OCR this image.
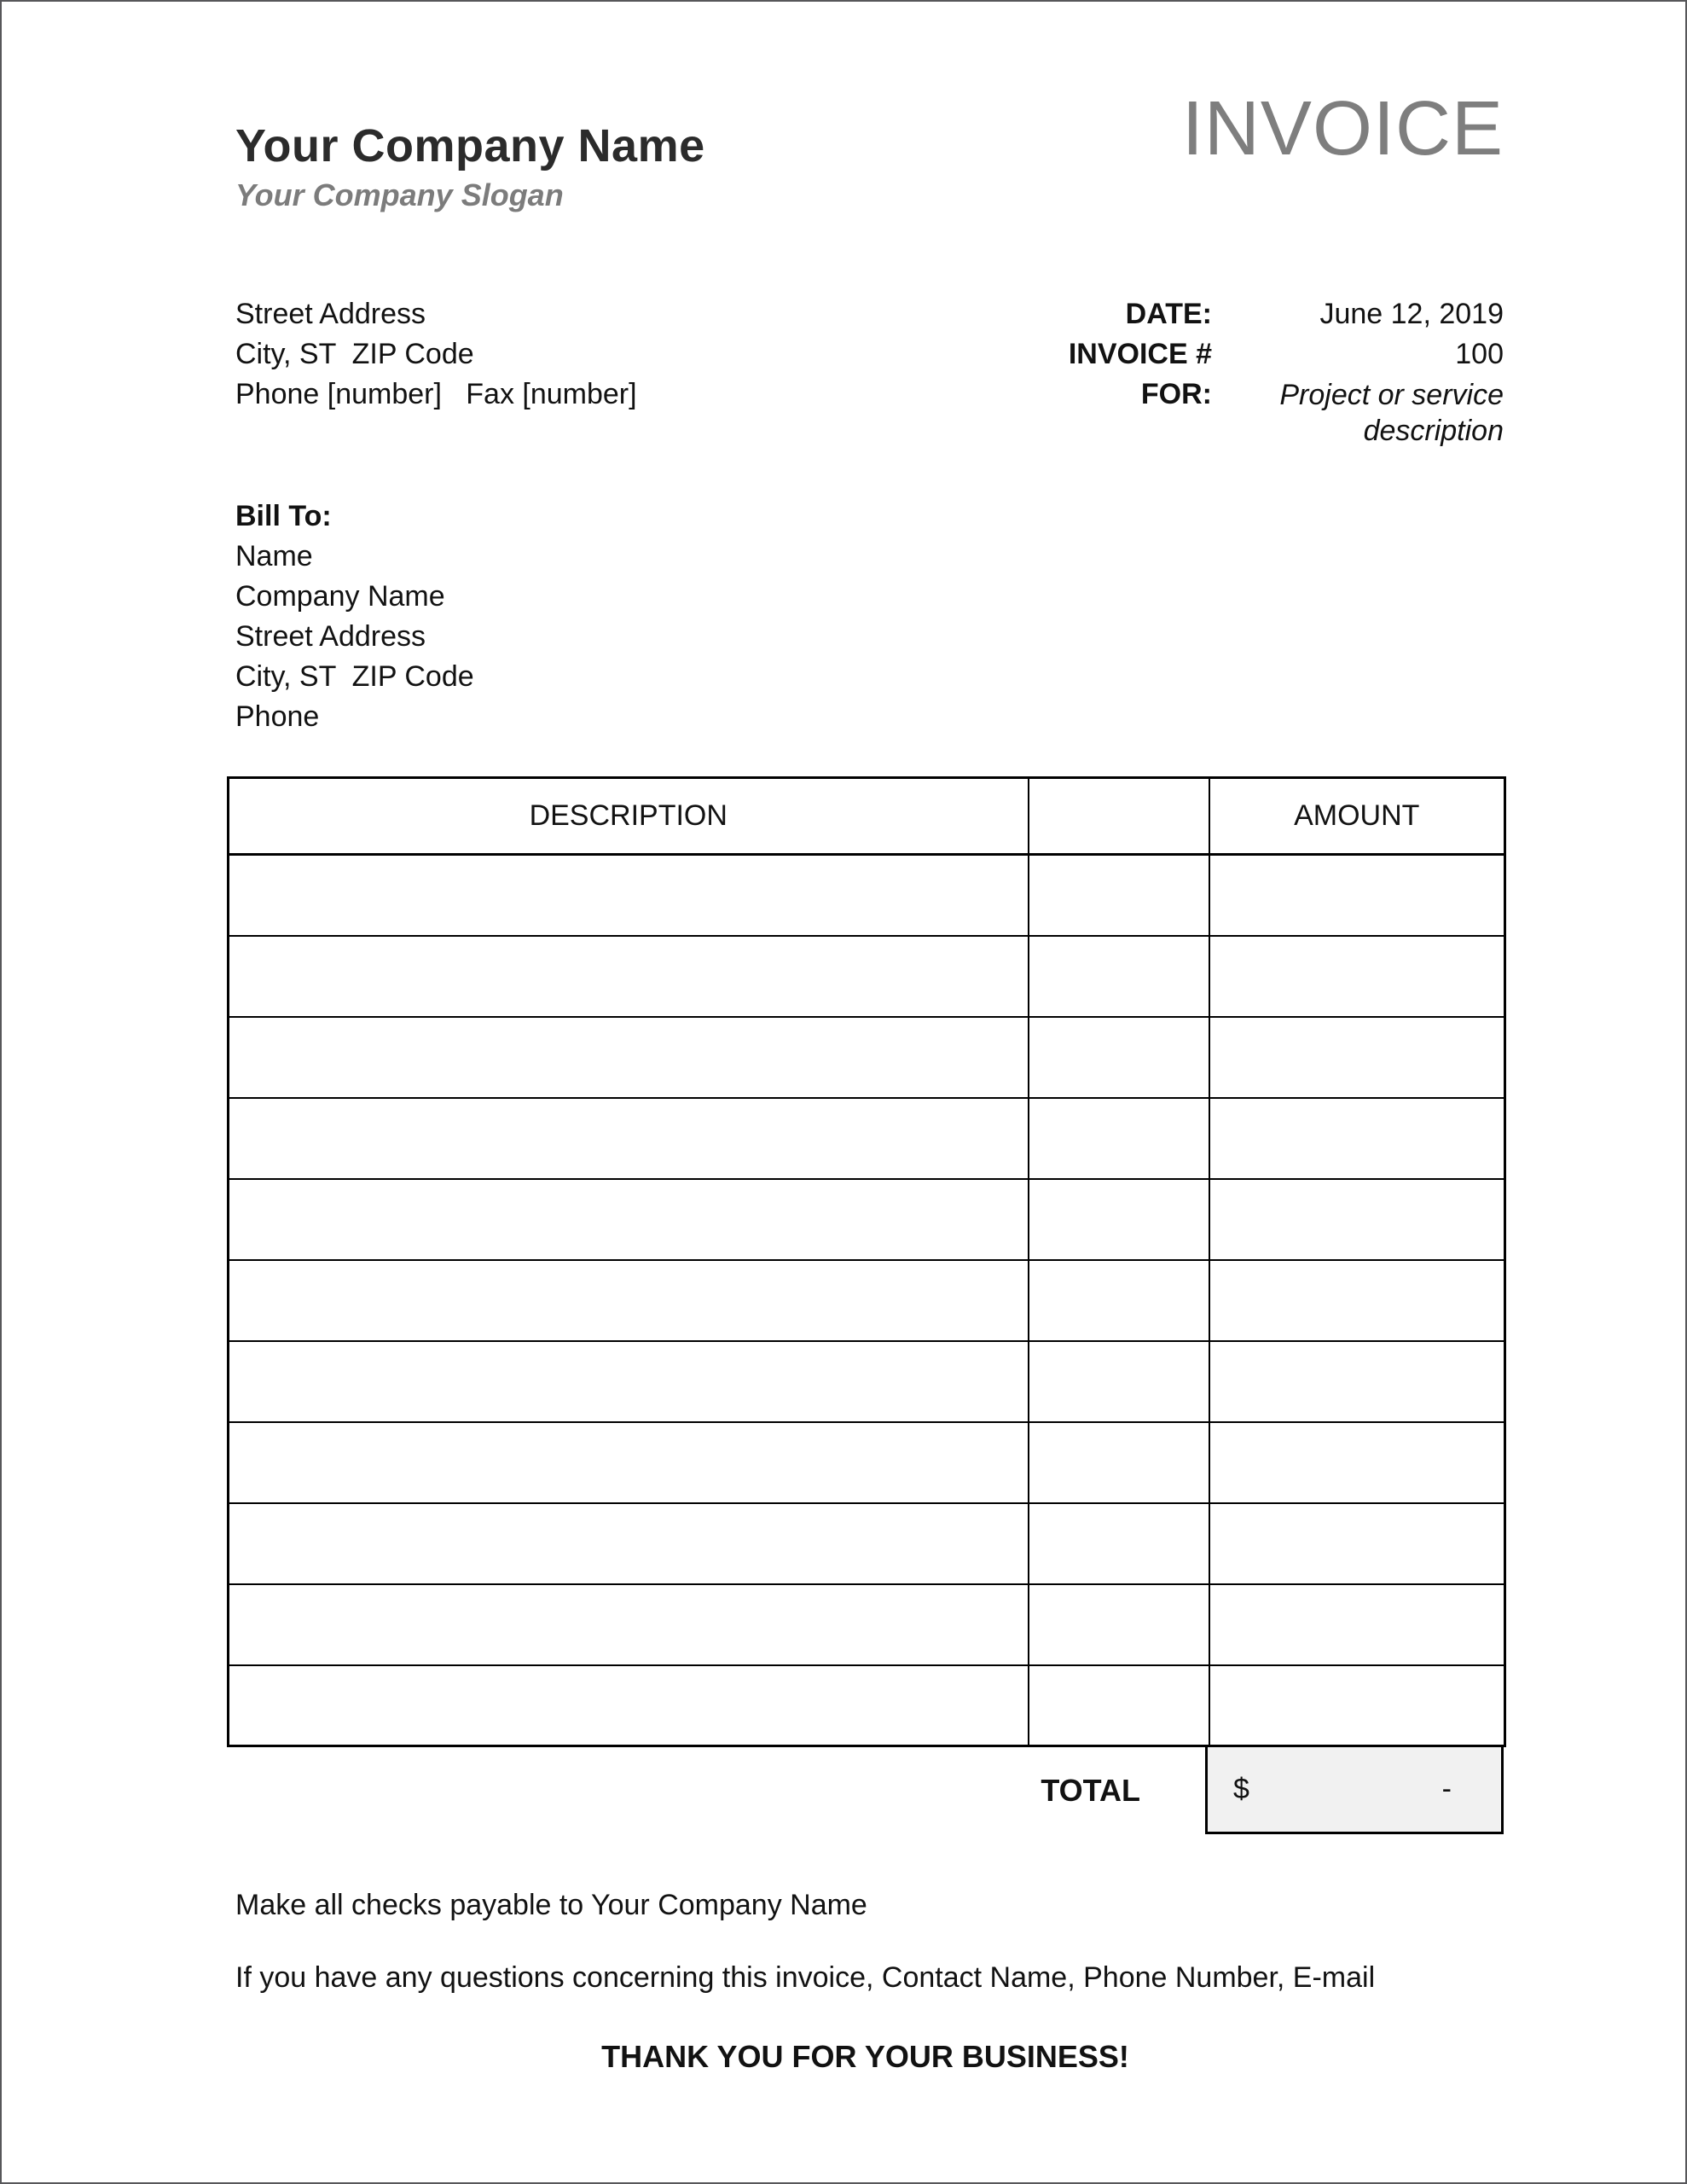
Your Company Name
Your Company Slogan
INVOICE
Street Address
City, ST  ZIP Code
Phone [number]   Fax [number]
DATE:	June 12, 2019
INVOICE #	100
FOR:	Project or service description
Bill To:
Name
Company Name
Street Address
City, ST  ZIP Code
Phone
DESCRIPTION		AMOUNT

TOTAL	$	-
Make all checks payable to Your Company Name
If you have any questions concerning this invoice, Contact Name, Phone Number, E-mail
THANK YOU FOR YOUR BUSINESS!
